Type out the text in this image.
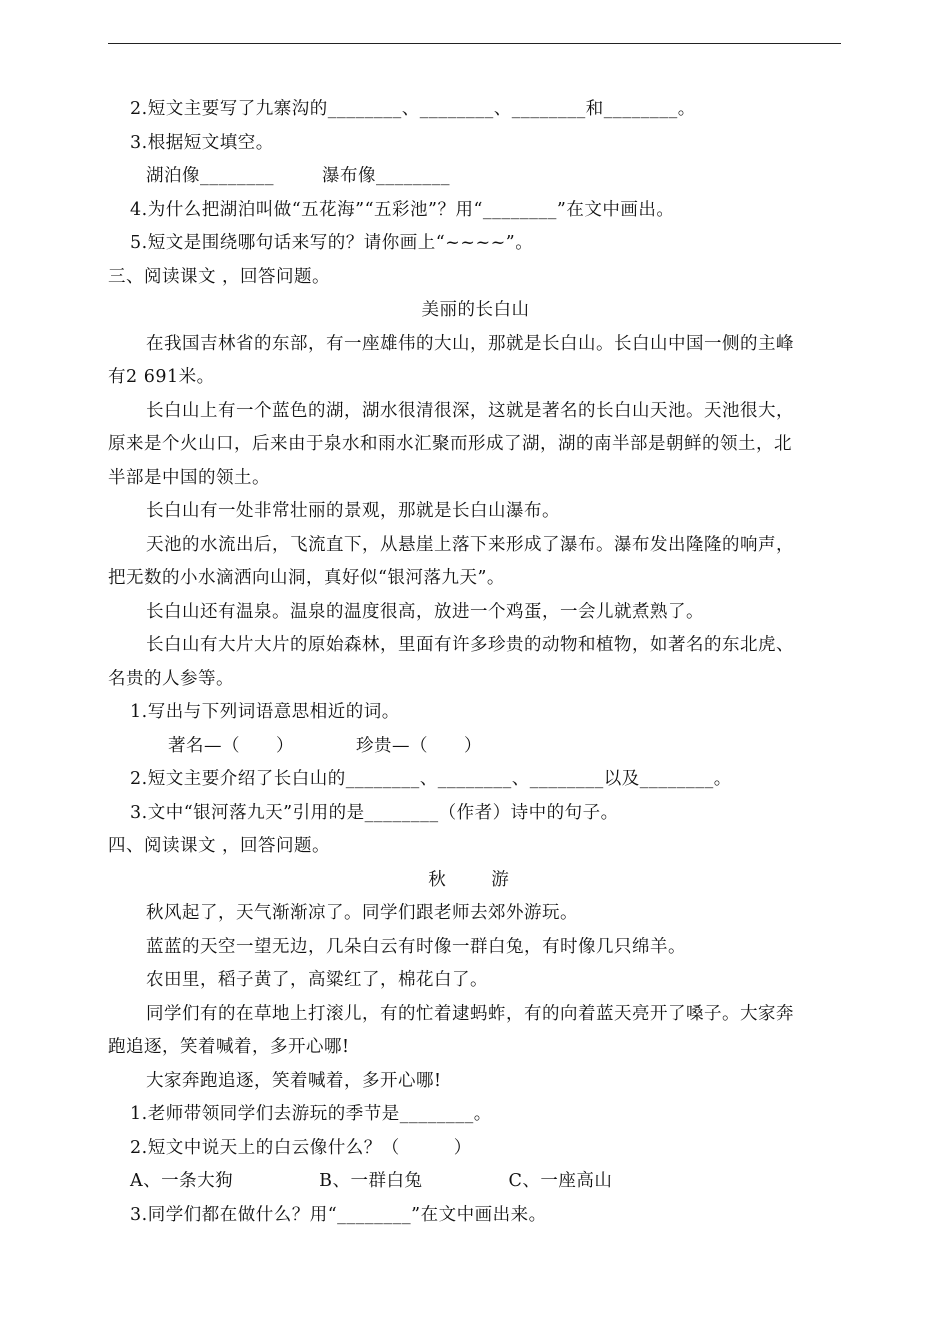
2.短文主要写了九寨沟的________、________、________和________。
3.根据短文填空。
湖泊像________	瀑布像________
4.为什么把湖泊叫做“五花海”“五彩池”？用“________”在文中画出。
5.短文是围绕哪句话来写的？请你画上“~~~~”。
三、阅读课文 ，回答问题。
美丽的长白山
在我国吉林省的东部，有一座雄伟的大山，那就是长白山。长白山中国一侧的主峰
有2 691米。
长白山上有一个蓝色的湖，湖水很清很深，这就是著名的长白山天池。天池很大，
原来是个火山口，后来由于泉水和雨水汇聚而形成了湖，湖的南半部是朝鲜的领土，北
半部是中国的领土。
长白山有一处非常壮丽的景观，那就是长白山瀑布。
天池的水流出后，飞流直下，从悬崖上落下来形成了瀑布。瀑布发出隆隆的响声，
把无数的小水滴洒向山洞，真好似“银河落九天”。
长白山还有温泉。温泉的温度很高，放进一个鸡蛋，一会儿就煮熟了。
长白山有大片大片的原始森林，里面有许多珍贵的动物和植物，如著名的东北虎、
名贵的人参等。
1.写出与下列词语意思相近的词。
著名—（　　）	珍贵—（　　）
2.短文主要介绍了长白山的________、________、________以及________。
3.文中“银河落九天”引用的是________（作者）诗中的句子。
四、阅读课文 ，回答问题。
秋　游
秋风起了，天气渐渐凉了。同学们跟老师去郊外游玩。
蓝蓝的天空一望无边，几朵白云有时像一群白兔，有时像几只绵羊。
农田里，稻子黄了，高粱红了，棉花白了。
同学们有的在草地上打滚儿，有的忙着逮蚂蚱，有的向着蓝天亮开了嗓子。大家奔
跑追逐，笑着喊着，多开心哪!
大家奔跑追逐，笑着喊着，多开心哪!
1.老师带领同学们去游玩的季节是________。
2.短文中说天上的白云像什么？（　　　）
A、一条大狗	B、一群白兔	C、一座高山
3.同学们都在做什么？用“________”在文中画出来。
